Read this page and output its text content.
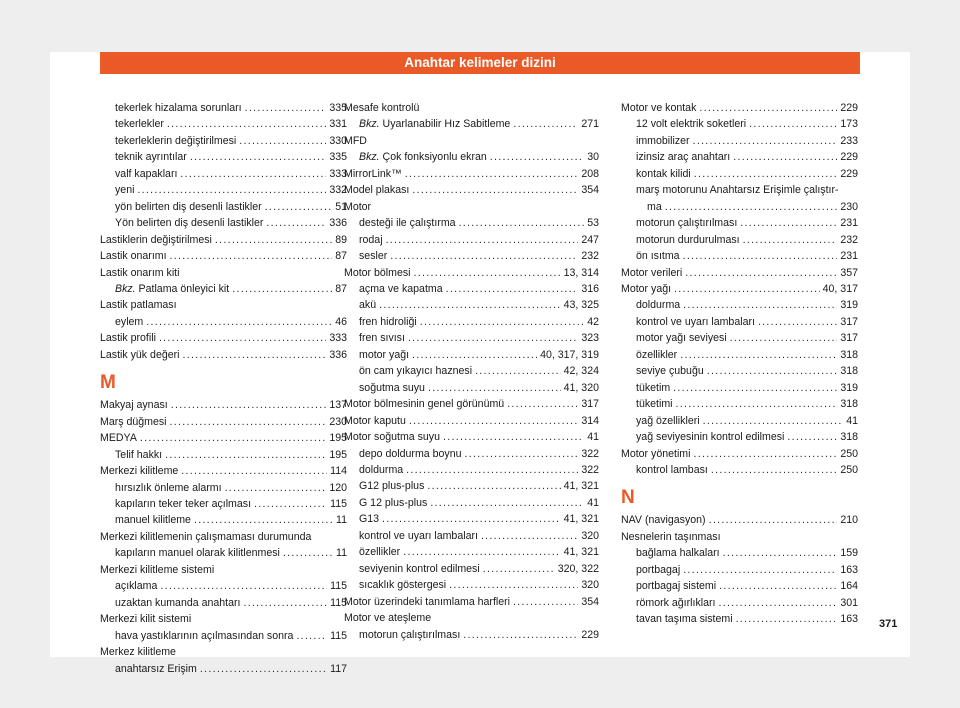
Anahtar kelimeler dizini
tekerlek hizalama sorunları .....	335
tekerlekler .....	331
tekerleklerin değiştirilmesi .....	330
teknik ayrıntılar .....	335
valf kapakları .....	333
yeni .....	332
yön belirten diş desenli lastikler .....	51
Yön belirten diş desenli lastikler .....	336
Lastiklerin değiştirilmesi .....	89
Lastik onarımı .....	87
Lastik onarım kiti
Bkz. Patlama önleyici kit .....	87
Lastik patlaması
eylem .....	46
Lastik profili .....	333
Lastik yük değeri .....	336
M
Makyaj aynası .....	137
Marş düğmesi .....	230
MEDYA .....	195
Telif hakkı .....	195
Merkezi kilitleme .....	114
hırsızlık önleme alarmı .....	120
kapıların teker teker açılması .....	115
manuel kilitleme .....	11
Merkezi kilitlemenin çalışmaması durumunda
kapıların manuel olarak kilitlenmesi .....	11
Merkezi kilitleme sistemi
açıklama .....	115
uzaktan kumanda anahtarı .....	115
Merkezi kilit sistemi
hava yastıklarının açılmasından sonra .....	115
Merkez kilitleme
anahtarsız Erişim .....	117
Mesafe kontrolü
Bkz. Uyarlanabilir Hız Sabitleme .....	271
MFD
Bkz. Çok fonksiyonlu ekran .....	30
MirrorLink™ .....	208
Model plakası .....	354
Motor
desteği ile çalıştırma .....	53
rodaj .....	247
sesler .....	232
Motor bölmesi .....	13, 314
açma ve kapatma .....	316
akü .....	43, 325
fren hidroliği .....	42
fren sıvısı .....	323
motor yağı .....	40, 317, 319
ön cam yıkayıcı haznesi .....	42, 324
soğutma suyu .....	41, 320
Motor bölmesinin genel görünümü .....	317
Motor kaputu .....	314
Motor soğutma suyu .....	41
depo doldurma boynu .....	322
doldurma .....	322
G12 plus-plus .....	41, 321
G 12 plus-plus .....	41
G13 .....	41, 321
kontrol ve uyarı lambaları .....	320
özellikler .....	41, 321
seviyenin kontrol edilmesi .....	320, 322
sıcaklık göstergesi .....	320
Motor üzerindeki tanımlama harfleri .....	354
Motor ve ateşleme
motorun çalıştırılması .....	229
Motor ve kontak .....	229
12 volt elektrik soketleri .....	173
immobilizer .....	233
izinsiz araç anahtarı .....	229
kontak kilidi .....	229
marş motorunu Anahtarsız Erişimle çalıştır-
ma .....	230
motorun çalıştırılması .....	231
motorun durdurulması .....	232
ön ısıtma .....	231
Motor verileri .....	357
Motor yağı .....	40, 317
doldurma .....	319
kontrol ve uyarı lambaları .....	317
motor yağı seviyesi .....	317
özellikler .....	318
seviye çubuğu .....	318
tüketim .....	319
tüketimi .....	318
yağ özellikleri .....	41
yağ seviyesinin kontrol edilmesi .....	318
Motor yönetimi .....	250
kontrol lambası .....	250
N
NAV (navigasyon) .....	210
Nesnelerin taşınması
bağlama halkaları .....	159
portbagaj .....	163
portbagaj sistemi .....	164
römork ağırlıkları .....	301
tavan taşıma sistemi .....	163 371
